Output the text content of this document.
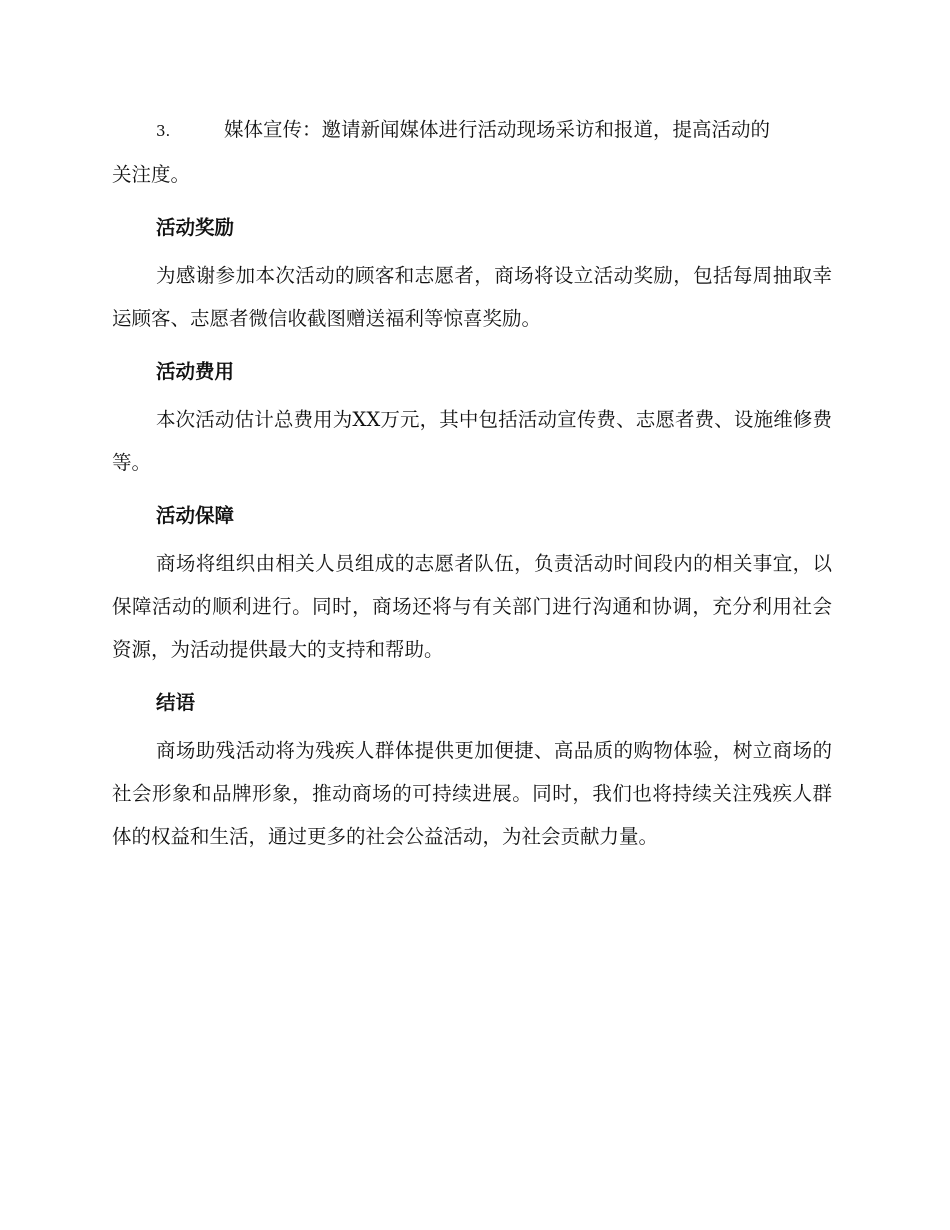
3.	媒体宣传：邀请新闻媒体进行活动现场采访和报道，提高活动的

关注度。

活动奖励

为感谢参加本次活动的顾客和志愿者，商场将设立活动奖励，包括每周抽取幸运顾客、志愿者微信收截图赠送福利等惊喜奖励。

活动费用

本次活动估计总费用为XX万元，其中包括活动宣传费、志愿者费、设施维修费等。

活动保障

商场将组织由相关人员组成的志愿者队伍，负责活动时间段内的相关事宜，以保障活动的顺利进行。同时，商场还将与有关部门进行沟通和协调，充分利用社会资源，为活动提供最大的支持和帮助。

结语

商场助残活动将为残疾人群体提供更加便捷、高品质的购物体验，树立商场的社会形象和品牌形象，推动商场的可持续进展。同时，我们也将持续关注残疾人群体的权益和生活，通过更多的社会公益活动，为社会贡献力量。
